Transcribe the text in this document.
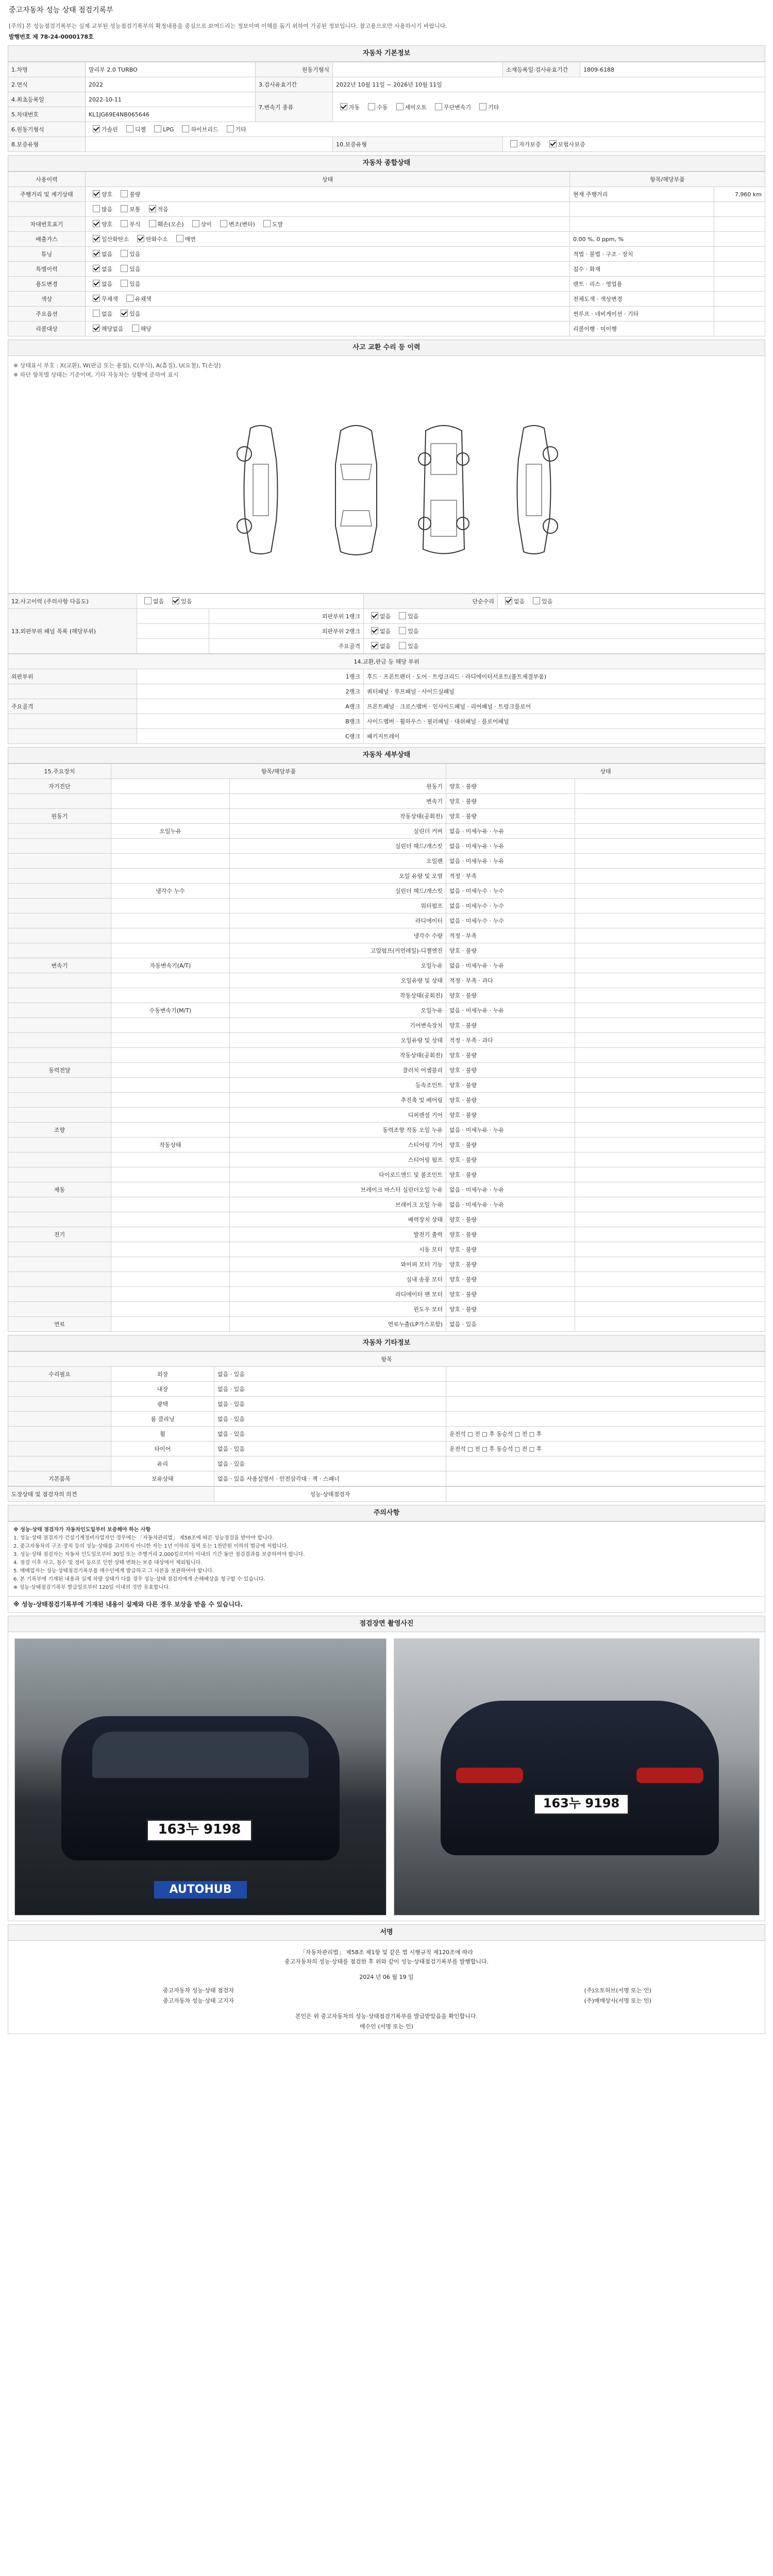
중고자동차 성능 상태 점검기록부
[주의] 본 성능점검기록부는 실제 교부된 성능점검기록부의 확정내용을 중심으로 보여드리는 정보이며 이해를 돕기 위하여 가공된 정보입니다. 참고용으로만 사용하시기 바랍니다.
발행번호 제 78-24-0000178호
자동차 기본정보
1.차명	말리부 2.0 TURBO	원동기형식		소재등록일·검사유효기간	1809-6188
2.연식	2022	3.검사유효기간	2022년 10월 11일 ~ 2026년 10월 11일		
4.최초등록일	2022-10-11	7.변속기 종류	자동 수동 세미오토 무단변속기 기타		
5.차대번호	KL1JG69E4NB065646				
6.원동기형식	가솔린 디젤 LPG 하이브리드 기타				
8.보증유형			10.보증유형	자가보증 보험사보증	
자동차 종합상태
사용이력	상태	항목/해당부품	
주행거리 및 계기상태	양호 불량	현재 주행거리	7,960 km
	많음 보통 적음		
차대번호표기	양호 부식 훼손(오손) 상이 변조(변타) 도말		
배출가스	일산화탄소 탄화수소 매연	0.00 %, 0 ppm, %	
튜닝	없음 있음	적법 · 불법 · 구조 · 장치	
특별이력	없음 있음	침수 · 화재	
용도변경	없음 있음	렌트 · 리스 · 영업용	
색상	무채색 유채색	전체도색 · 색상변경	
주요옵션	없음 있음	썬루프 · 네비게이션 · 기타	
리콜대상	해당없음 해당	리콜이행 · 미이행	
사고 교환 수리 등 이력
※ 상태표시 부호 : X(교환), W(판금 또는 용접), C(부식), A(흠집), U(요철), T(손상)
※ 하단 항목별 상태는 기준이며, 기타 자동차는 상황에 준하여 표시
12.사고이력 (주의사항 다음도)	없음 있음		단순수리	없음 있음
13.외판부위 패널 목록 (해당부위)		외판부위 1랭크	없음 있음	
		외판부위 2랭크	없음 있음	
		주요골격	없음 있음	
14.교환,판금 등 해당 부위		
외판부위	1랭크	후드 · 프론트펜더 · 도어 · 트렁크리드 · 라디에이터서포트(볼트체결부품)
	2랭크	쿼터패널 · 루프패널 · 사이드실패널
주요골격	A랭크	프론트패널 · 크로스멤버 · 인사이드패널 · 리어패널 · 트렁크플로어
	B랭크	사이드멤버 · 휠하우스 · 필러패널 · 대쉬패널 · 플로어패널
	C랭크	패키지트레이
자동차 세부상태
15.주요장치	항목/해당부품		상태	
자기진단		원동기	양호 · 불량	
		변속기	양호 · 불량	
원동기		작동상태(공회전)	양호 · 불량	
	오일누유	실린더 커버	없음 · 미세누유 · 누유	
		실린더 헤드/개스킷	없음 · 미세누유 · 누유	
		오일팬	없음 · 미세누유 · 누유	
		오일 유량 및 오염	적정 · 부족	
	냉각수 누수	실린더 헤드/개스킷	없음 · 미세누수 · 누수	
		워터펌프	없음 · 미세누수 · 누수	
		라디에이터	없음 · 미세누수 · 누수	
		냉각수 수량	적정 · 부족	
		고압펌프(커먼레일)-디젤엔진	양호 · 불량	
변속기	자동변속기(A/T)	오일누유	없음 · 미세누유 · 누유	
		오일유량 및 상태	적정 · 부족 · 과다	
		작동상태(공회전)	양호 · 불량	
	수동변속기(M/T)	오일누유	없음 · 미세누유 · 누유	
		기어변속장치	양호 · 불량	
		오일유량 및 상태	적정 · 부족 · 과다	
		작동상태(공회전)	양호 · 불량	
동력전달		클러치 어셈블리	양호 · 불량	
		등속조인트	양호 · 불량	
		추진축 및 베어링	양호 · 불량	
		디퍼렌셜 기어	양호 · 불량	
조향		동력조향 작동 오일 누유	없음 · 미세누유 · 누유	
	작동상태	스티어링 기어	양호 · 불량	
		스티어링 펌프	양호 · 불량	
		타이로드엔드 및 볼조인트	양호 · 불량	
제동		브레이크 마스터 실린더오일 누유	없음 · 미세누유 · 누유	
		브레이크 오일 누유	없음 · 미세누유 · 누유	
		배력장치 상태	양호 · 불량	
전기		발전기 출력	양호 · 불량	
		시동 모터	양호 · 불량	
		와이퍼 모터 기능	양호 · 불량	
		실내 송풍 모터	양호 · 불량	
		라디에이터 팬 모터	양호 · 불량	
		윈도우 모터	양호 · 불량	
연료		연료누출(LP가스포함)	없음 · 있음	
자동차 기타정보
항목			
수리필요	외장	없음 · 있음	
	내장	없음 · 있음	
	광택	없음 · 있음	
	룸 클리닝	없음 · 있음	
	휠	없음 · 있음	운전석 □ 전 □ 후 동승석 □ 전 □ 후
	타이어	없음 · 있음	운전석 □ 전 □ 후 동승석 □ 전 □ 후
	유리	없음 · 있음	
기본품목	보유상태	없음 · 있음 사용설명서 · 안전삼각대 · 잭 · 스패너	
도장상태 및 점검자의 의견	성능·상태점검자	
주의사항
※ 성능·상태 점검자가 자동차인도일부터 보증해야 하는 사항
1. 성능·상태 점검자가 건설기계정비사업자인 경우에는 「자동차관리법」 제58조에 따른 성능점검을 받아야 합니다.
2. 중고자동차의 구조·장치 등의 성능·상태를 고지하지 아니한 자는 1년 이하의 징역 또는 1천만원 이하의 벌금에 처합니다.
3. 성능·상태 점검자는 자동차 인도일로부터 30일 또는 주행거리 2,000킬로미터 이내의 기간 동안 점검결과를 보증하여야 합니다.
4. 점검 이후 사고, 침수 및 정비 등으로 인한 상태 변화는 보증 대상에서 제외됩니다.
5. 매매업자는 성능·상태점검기록부를 매수인에게 발급하고 그 사본을 보관하여야 합니다.
6. 본 기록부에 기재된 내용과 실제 차량 상태가 다를 경우 성능·상태 점검자에게 손해배상을 청구할 수 있습니다.
※ 성능·상태점검기록부 발급일로부터 120일 이내의 것만 유효합니다.
※ 성능·상태점검기록부에 기재된 내용이 실제와 다른 경우 보상을 받을 수 있습니다.
점검장면 촬영사진
163누 9198
AUTOHUB
163누 9198
서명
「자동차관리법」 제58조 제1항 및 같은 법 시행규칙 제120조에 따라
중고자동차의 성능·상태를 점검한 후 위와 같이 성능·상태점검기록부를 발행합니다.
2024 년 06 월 19 일
중고자동차 성능·상태 점검자	(주)오토허브(서명 또는 인)
중고자동차 성능·상태 고지자	(주)매매상사(서명 또는 인)
본인은 위 중고자동차의 성능·상태점검기록부를 발급받았음을 확인합니다.
매수인 (서명 또는 인)
